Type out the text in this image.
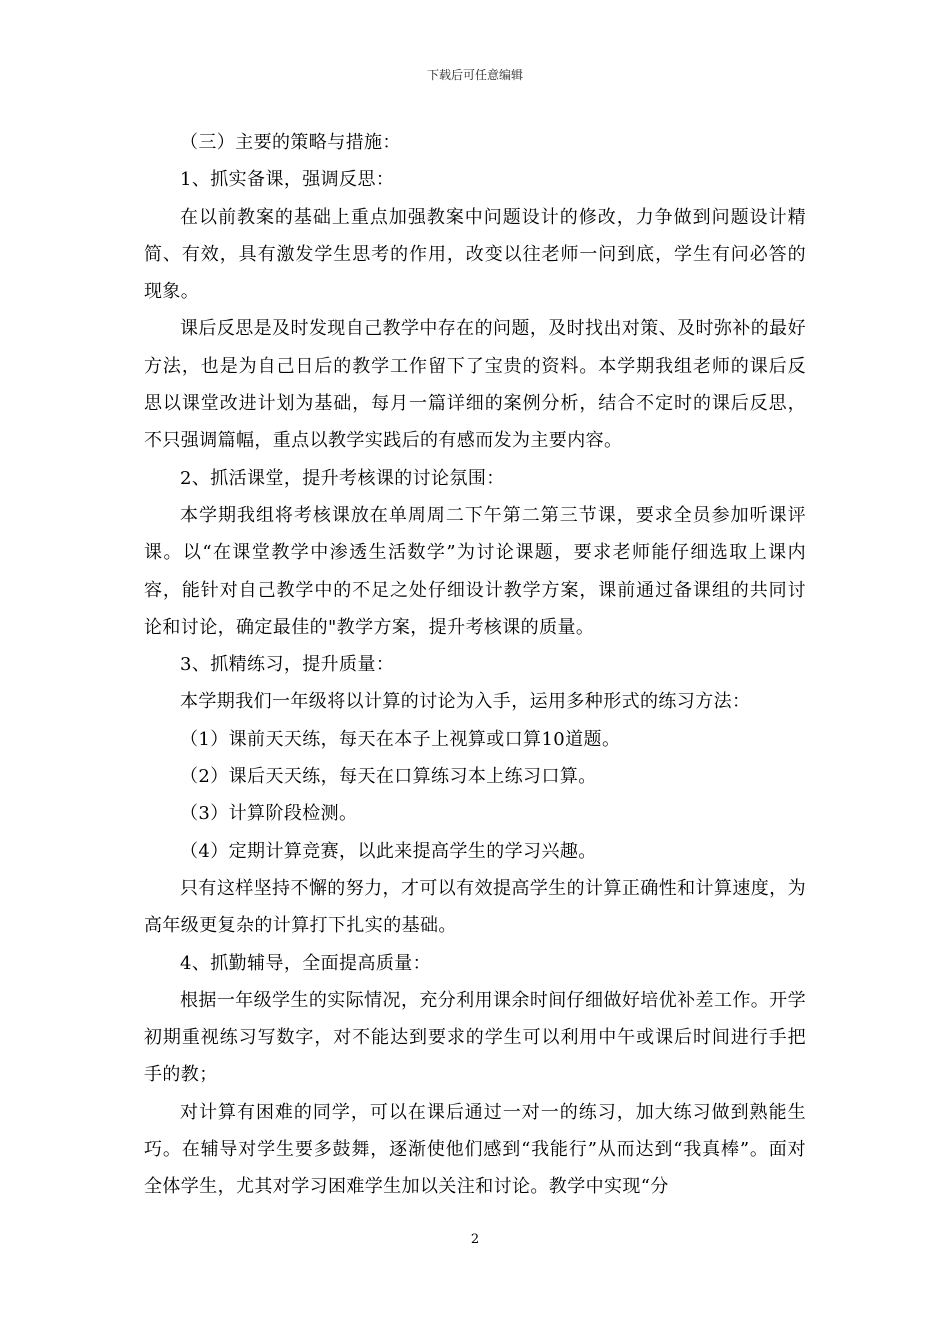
下载后可任意编辑

（三）主要的策略与措施：

1、抓实备课，强调反思：

在以前教案的基础上重点加强教案中问题设计的修改，力争做到问题设计精简、有效，具有激发学生思考的作用，改变以往老师一问到底，学生有问必答的现象。

课后反思是及时发现自己教学中存在的问题，及时找出对策、及时弥补的最好方法，也是为自己日后的教学工作留下了宝贵的资料。本学期我组老师的课后反思以课堂改进计划为基础，每月一篇详细的案例分析，结合不定时的课后反思，不只强调篇幅，重点以教学实践后的有感而发为主要内容。

2、抓活课堂，提升考核课的讨论氛围：

本学期我组将考核课放在单周周二下午第二第三节课，要求全员参加听课评课。以“在课堂教学中渗透生活数学”为讨论课题，要求老师能仔细选取上课内容，能针对自己教学中的不足之处仔细设计教学方案，课前通过备课组的共同讨论和讨论，确定最佳的"教学方案，提升考核课的质量。

3、抓精练习，提升质量：

本学期我们一年级将以计算的讨论为入手，运用多种形式的练习方法：

（1）课前天天练，每天在本子上视算或口算10道题。

（2）课后天天练，每天在口算练习本上练习口算。

（3）计算阶段检测。

（4）定期计算竞赛，以此来提高学生的学习兴趣。

只有这样坚持不懈的努力，才可以有效提高学生的计算正确性和计算速度，为高年级更复杂的计算打下扎实的基础。

4、抓勤辅导，全面提高质量：

根据一年级学生的实际情况，充分利用课余时间仔细做好培优补差工作。开学初期重视练习写数字，对不能达到要求的学生可以利用中午或课后时间进行手把手的教；

对计算有困难的同学，可以在课后通过一对一的练习，加大练习做到熟能生巧。在辅导对学生要多鼓舞，逐渐使他们感到“我能行”从而达到“我真棒”。面对全体学生，尤其对学习困难学生加以关注和讨论。教学中实现“分

2
